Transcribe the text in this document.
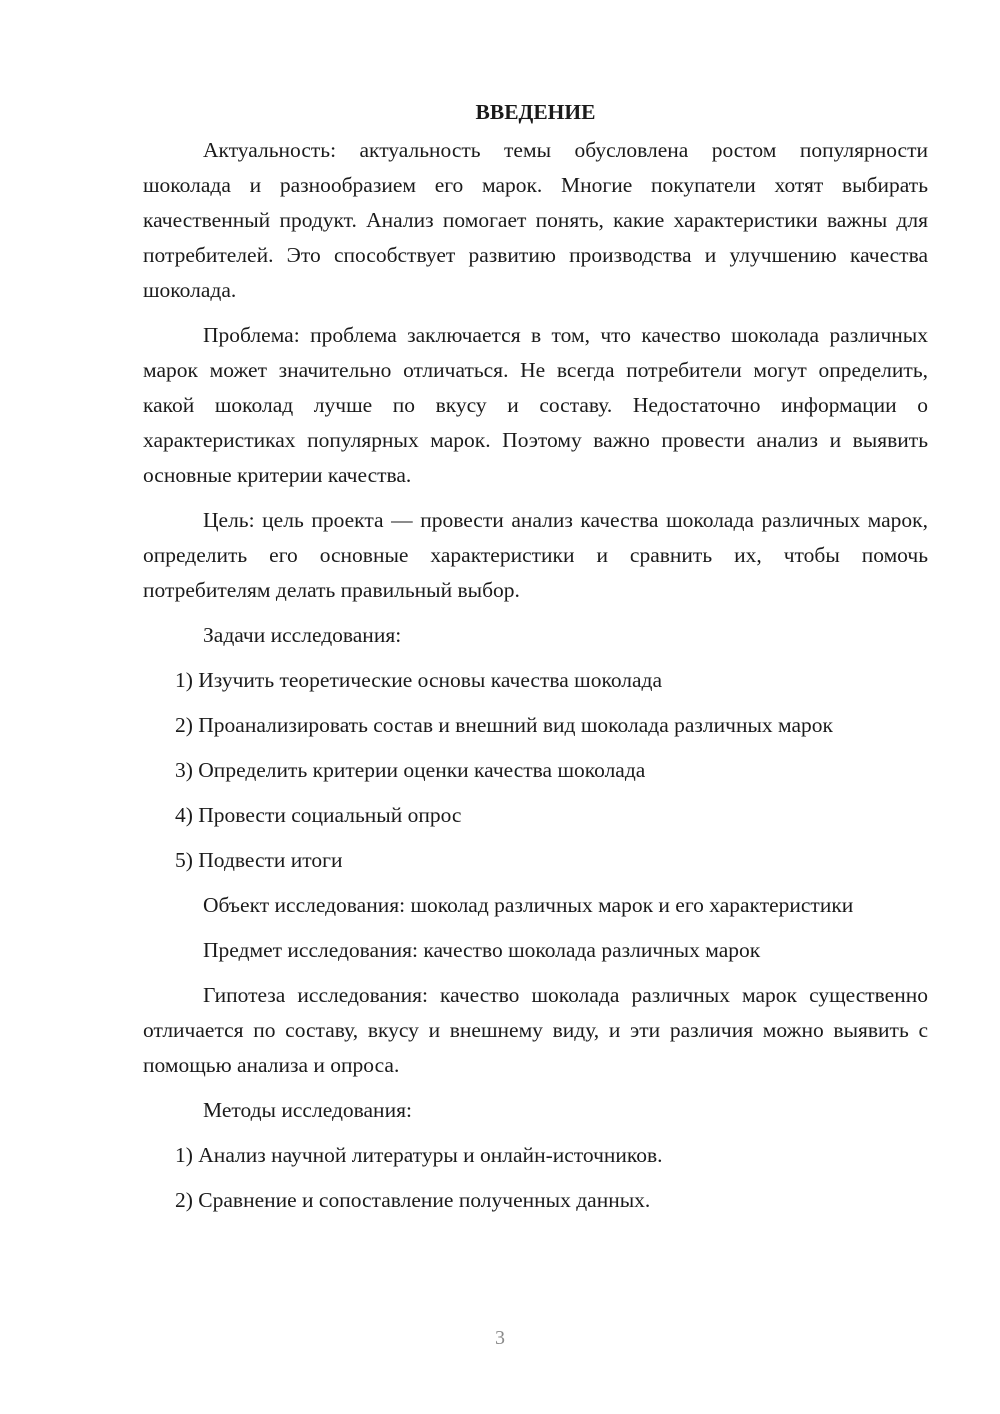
ВВЕДЕНИЕ

Актуальность: актуальность темы обусловлена ростом популярности шоколада и разнообразием его марок. Многие покупатели хотят выбирать качественный продукт. Анализ помогает понять, какие характеристики важны для потребителей. Это способствует развитию производства и улучшению качества шоколада.

Проблема: проблема заключается в том, что качество шоколада различных марок может значительно отличаться. Не всегда потребители могут определить, какой шоколад лучше по вкусу и составу. Недостаточно информации о характеристиках популярных марок. Поэтому важно провести анализ и выявить основные критерии качества.

Цель: цель проекта — провести анализ качества шоколада различных марок, определить его основные характеристики и сравнить их, чтобы помочь потребителям делать правильный выбор.

Задачи исследования:

1) Изучить теоретические основы качества шоколада

2) Проанализировать состав и внешний вид шоколада различных марок

3) Определить критерии оценки качества шоколада

4) Провести социальный опрос

5) Подвести итоги

Объект исследования: шоколад различных марок и его характеристики

Предмет исследования: качество шоколада различных марок

Гипотеза исследования: качество шоколада различных марок существенно отличается по составу, вкусу и внешнему виду, и эти различия можно выявить с помощью анализа и опроса.

Методы исследования:

1) Анализ научной литературы и онлайн-источников.

2) Сравнение и сопоставление полученных данных.

3
